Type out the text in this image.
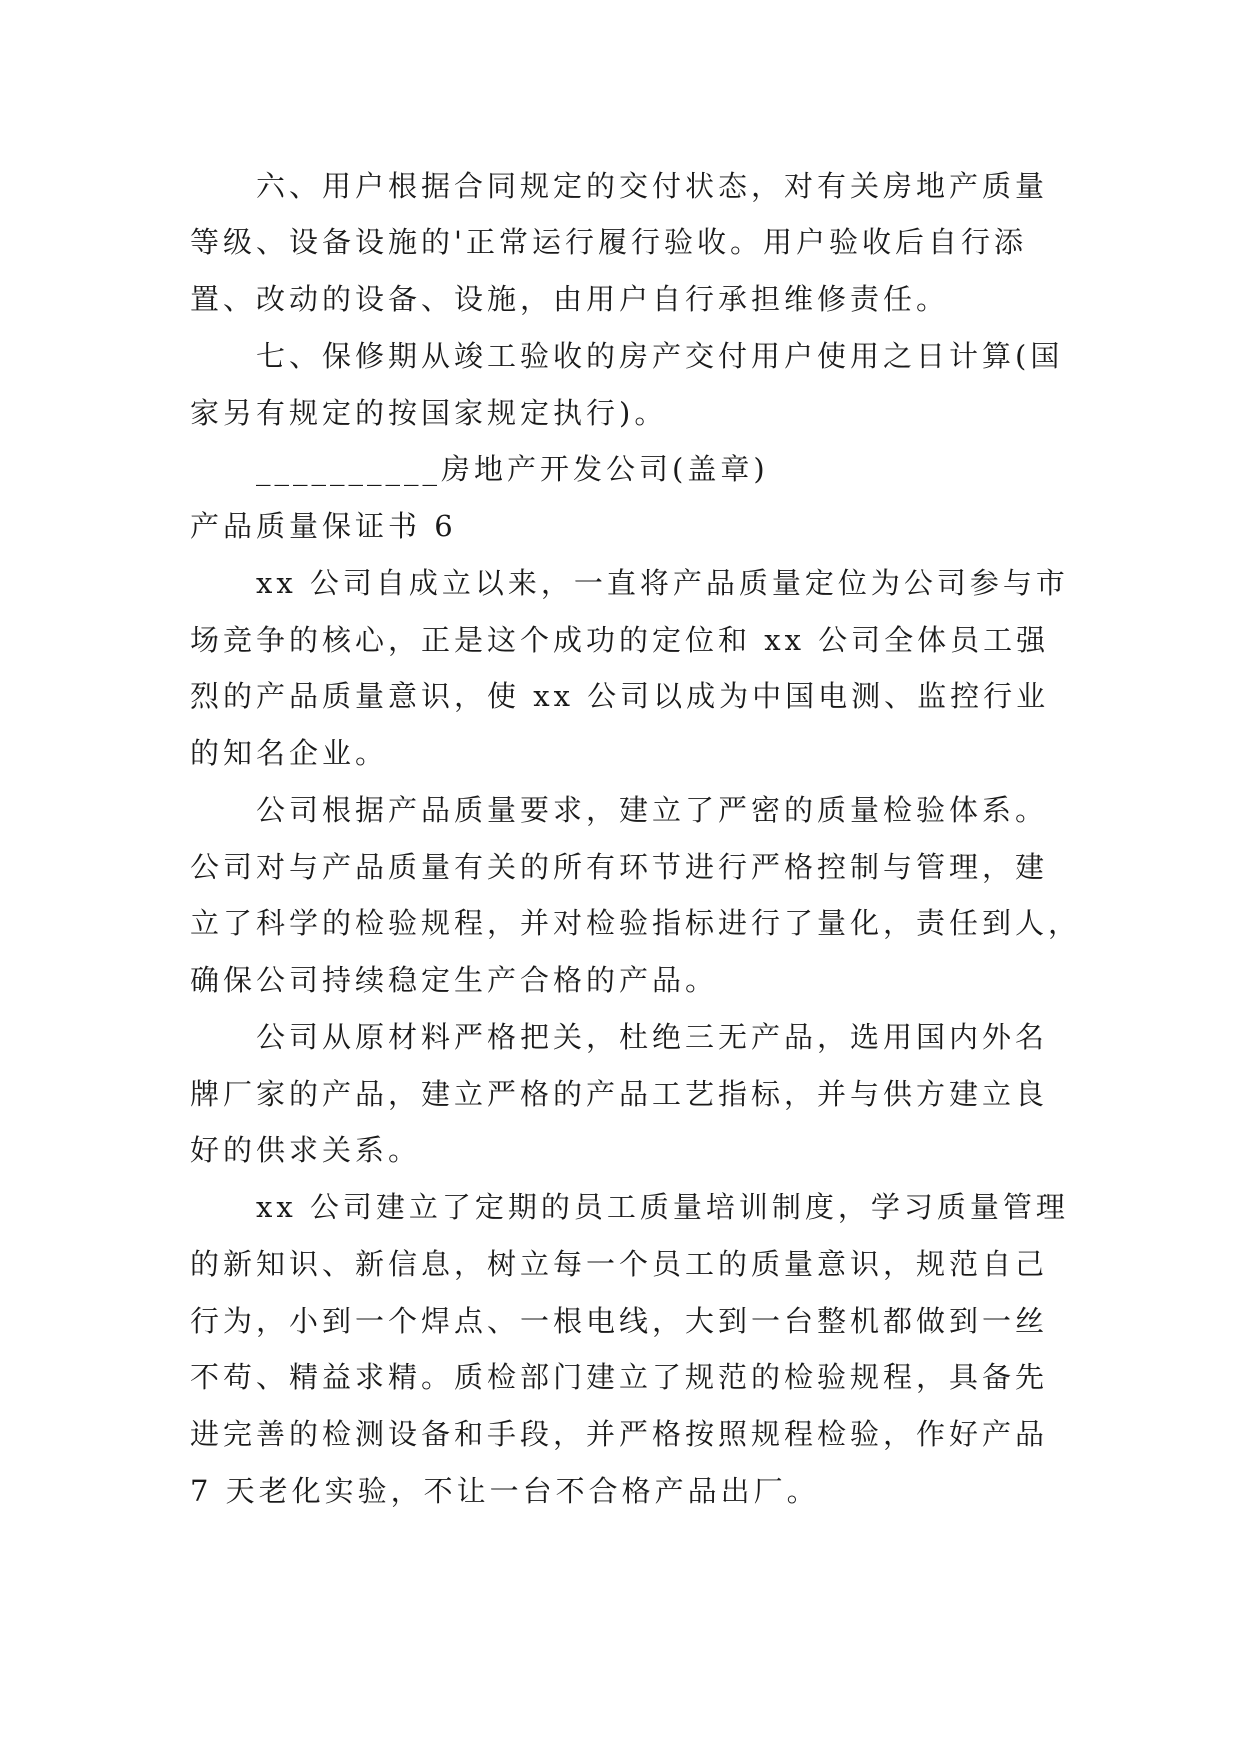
六、用户根据合同规定的交付状态，对有关房地产质量
等级、设备设施的'正常运行履行验收。用户验收后自行添
置、改动的设备、设施，由用户自行承担维修责任。
七、保修期从竣工验收的房产交付用户使用之日计算(国
家另有规定的按国家规定执行)。
__________房地产开发公司(盖章)
产品质量保证书 6
xx 公司自成立以来，一直将产品质量定位为公司参与市
场竞争的核心，正是这个成功的定位和 xx 公司全体员工强
烈的产品质量意识，使 xx 公司以成为中国电测、监控行业
的知名企业。
公司根据产品质量要求，建立了严密的质量检验体系。
公司对与产品质量有关的所有环节进行严格控制与管理，建
立了科学的检验规程，并对检验指标进行了量化，责任到人，
确保公司持续稳定生产合格的产品。
公司从原材料严格把关，杜绝三无产品，选用国内外名
牌厂家的产品，建立严格的产品工艺指标，并与供方建立良
好的供求关系。
xx 公司建立了定期的员工质量培训制度，学习质量管理
的新知识、新信息，树立每一个员工的质量意识，规范自己
行为，小到一个焊点、一根电线，大到一台整机都做到一丝
不苟、精益求精。质检部门建立了规范的检验规程，具备先
进完善的检测设备和手段，并严格按照规程检验，作好产品
7 天老化实验，不让一台不合格产品出厂。
